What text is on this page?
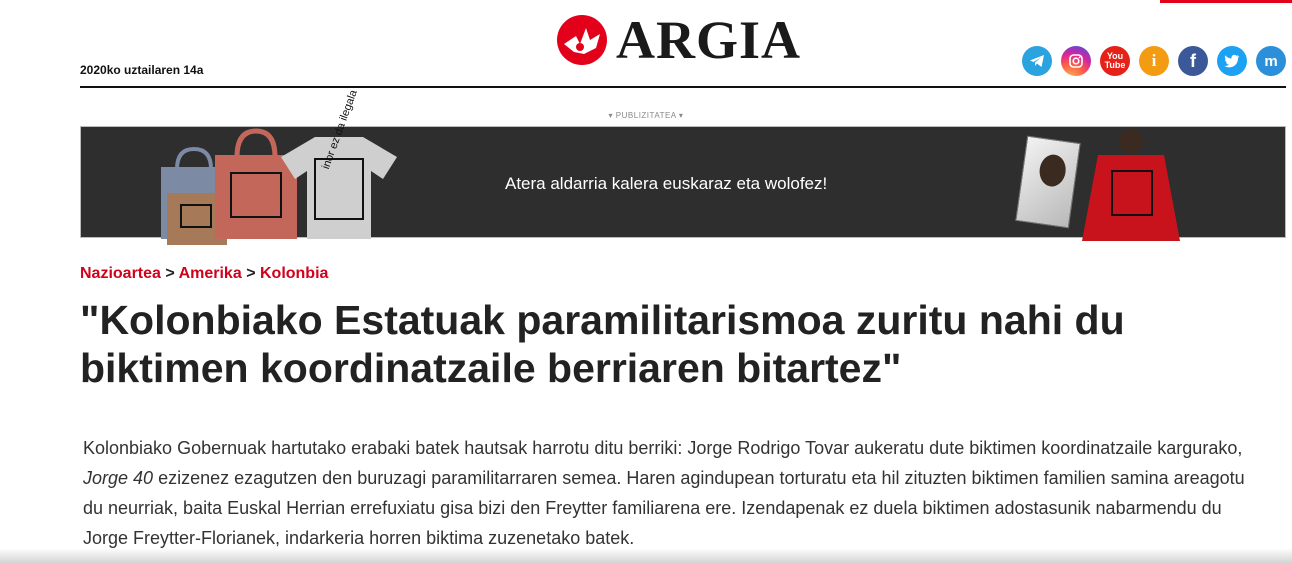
ARGIA
2020ko uztailaren 14a
You
Tube	i	f	m
▾ PUBLIZITATEA ▾
inor ez da ilegala
Atera aldarria kalera euskaraz eta wolofez!
Nazioartea > Amerika > Kolonbia
"Kolonbiako Estatuak paramilitarismoa zuritu nahi du biktimen koordinatzaile berriaren bitartez"

Kolonbiako Gobernuak hartutako erabaki batek hautsak harrotu ditu berriki: Jorge Rodrigo Tovar aukeratu dute biktimen koordinatzaile kargurako, Jorge 40 ezizenez ezagutzen den buruzagi paramilitarraren semea. Haren agindupean torturatu eta hil zituzten biktimen familien samina areagotu du neurriak, baita Euskal Herrian errefuxiatu gisa bizi den Freytter familiarena ere. Izendapenak ez duela biktimen adostasunik nabarmendu du Jorge Freytter-Florianek, indarkeria horren biktima zuzenetako batek.
